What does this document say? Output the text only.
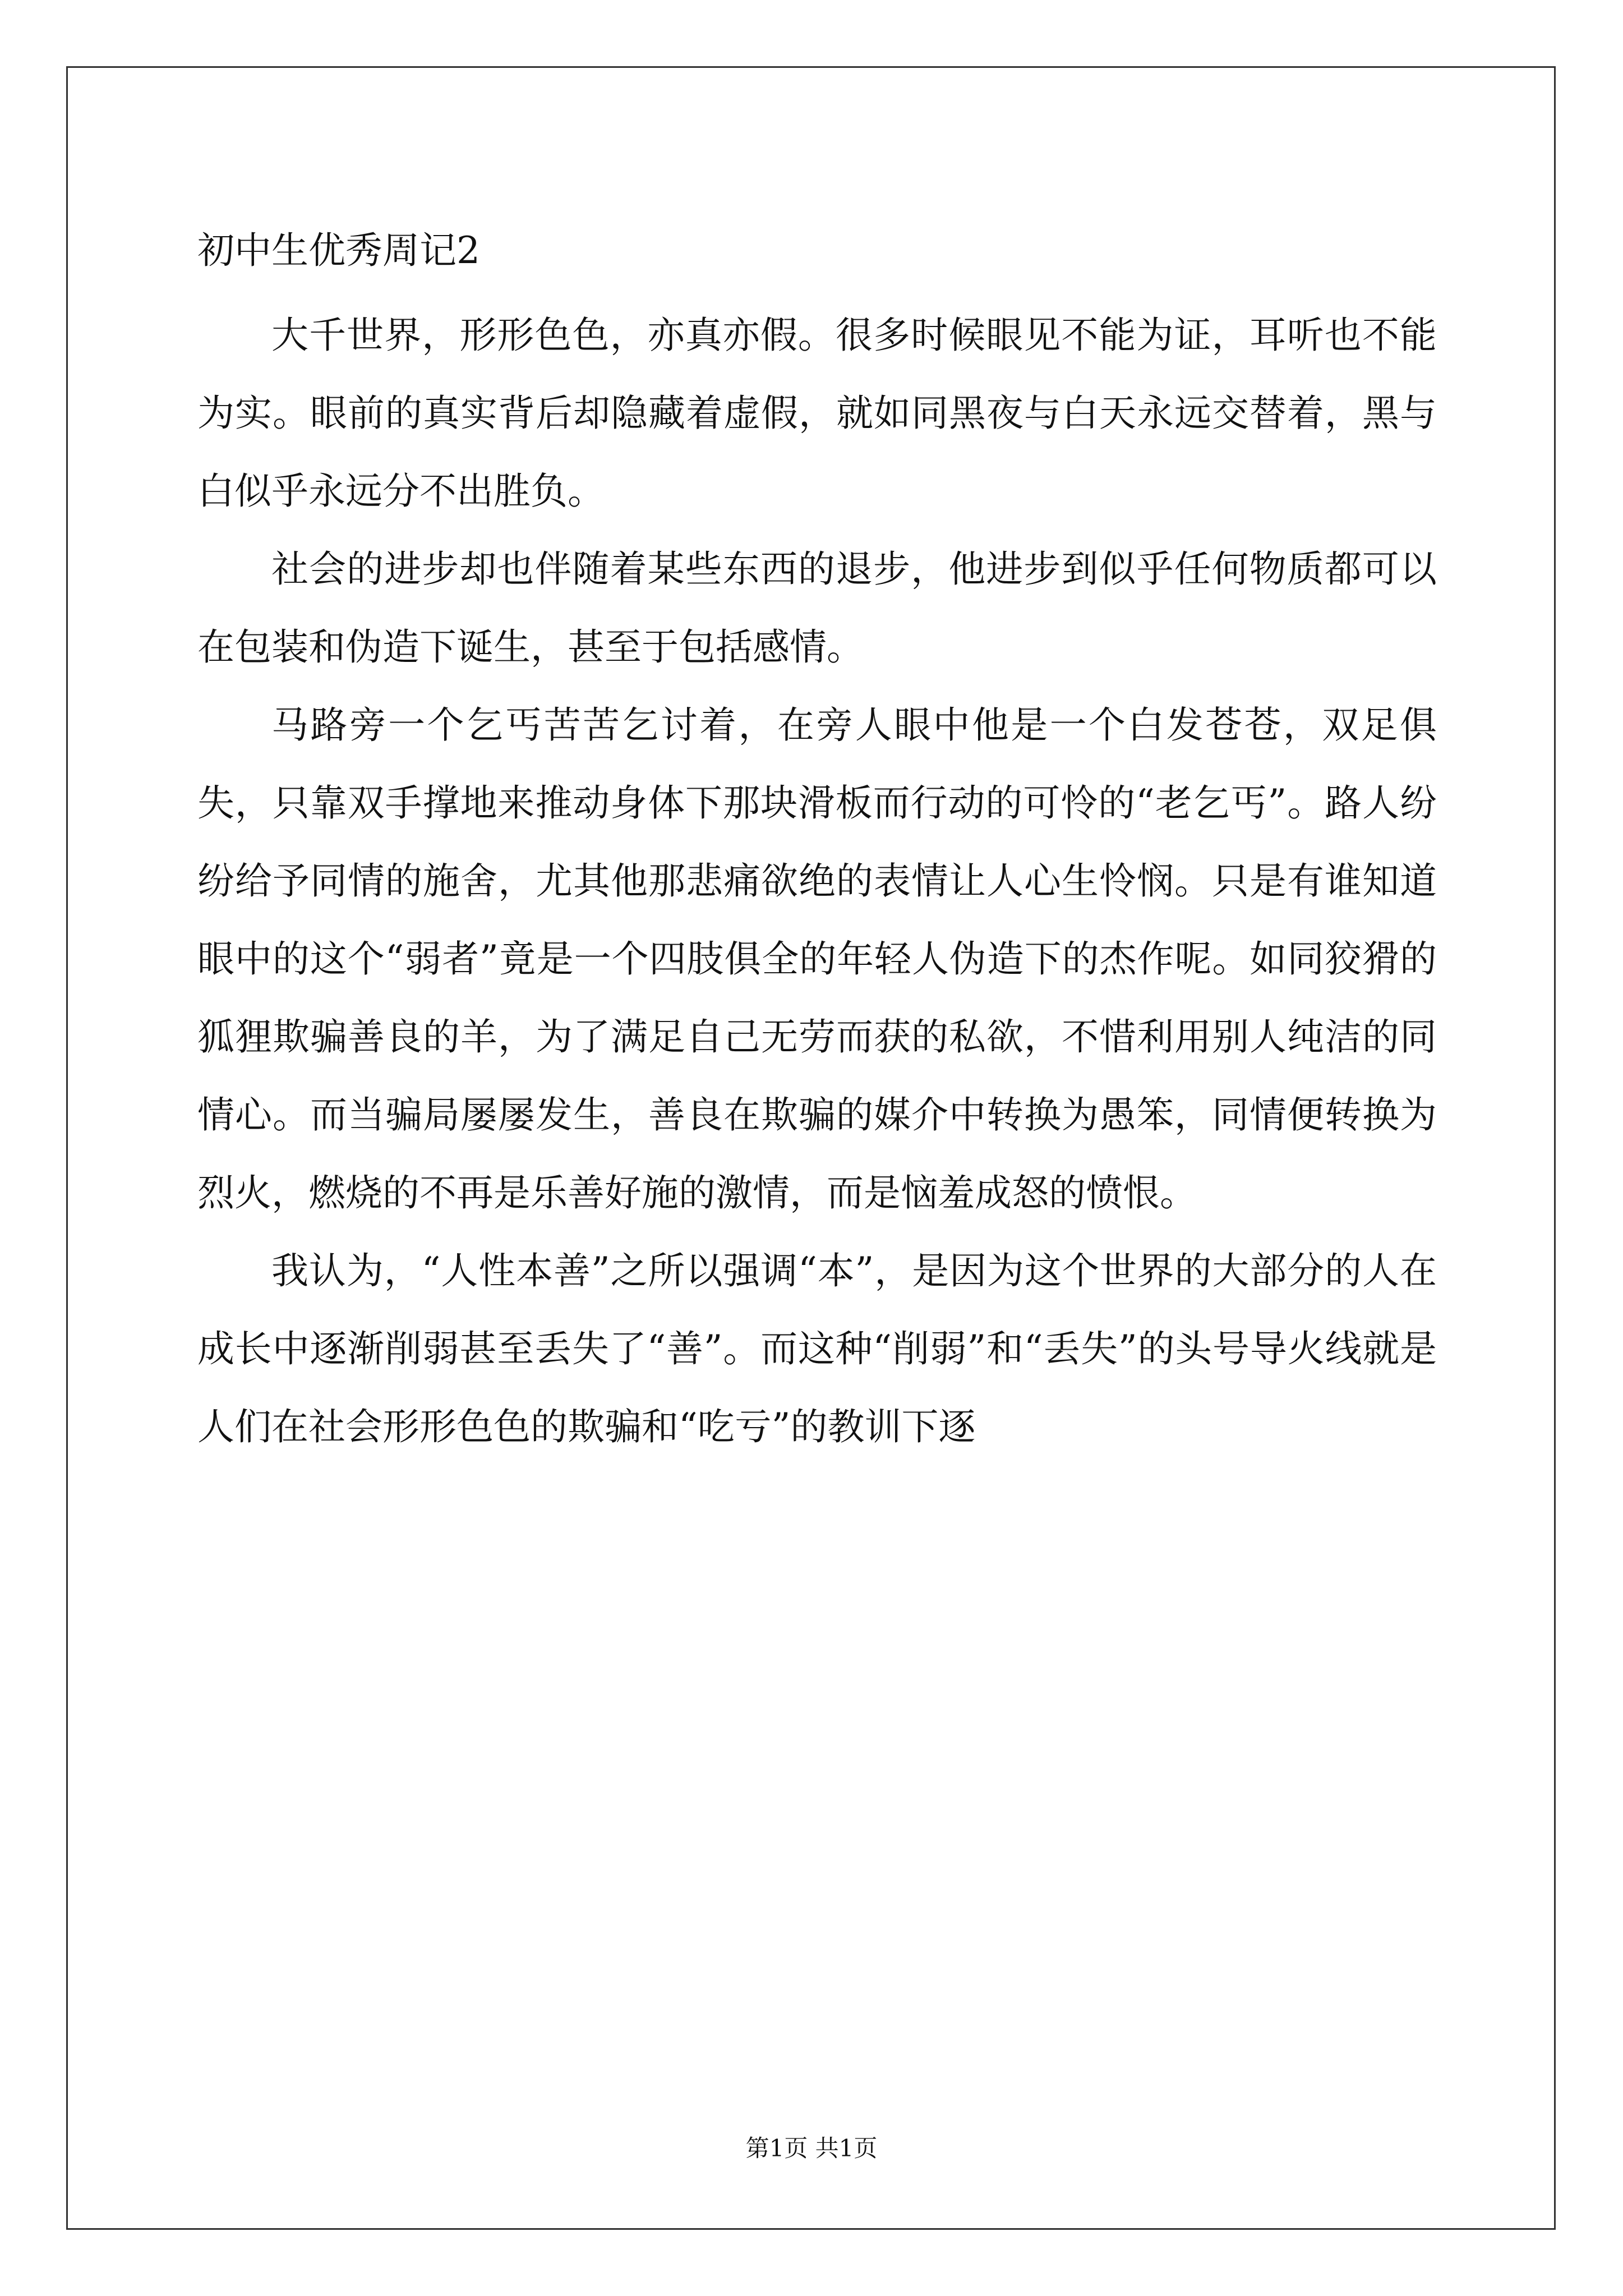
初中生优秀周记2

大千世界，形形色色，亦真亦假。很多时候眼见不能为证，耳听也不能为实。眼前的真实背后却隐藏着虚假，就如同黑夜与白天永远交替着，黑与白似乎永远分不出胜负。

社会的进步却也伴随着某些东西的退步，他进步到似乎任何物质都可以在包装和伪造下诞生，甚至于包括感情。

马路旁一个乞丐苦苦乞讨着，在旁人眼中他是一个白发苍苍，双足俱失，只靠双手撑地来推动身体下那块滑板而行动的可怜的“老乞丐”。路人纷纷给予同情的施舍，尤其他那悲痛欲绝的表情让人心生怜悯。只是有谁知道眼中的这个“弱者”竟是一个四肢俱全的年轻人伪造下的杰作呢。如同狡猾的狐狸欺骗善良的羊，为了满足自己无劳而获的私欲，不惜利用别人纯洁的同情心。而当骗局屡屡发生，善良在欺骗的媒介中转换为愚笨，同情便转换为烈火，燃烧的不再是乐善好施的激情，而是恼羞成怒的愤恨。

我认为，“人性本善”之所以强调“本”，是因为这个世界的大部分的人在成长中逐渐削弱甚至丢失了“善”。而这种“削弱”和“丢失”的头号导火线就是人们在社会形形色色的欺骗和“吃亏”的教训下逐

第1页 共1页
